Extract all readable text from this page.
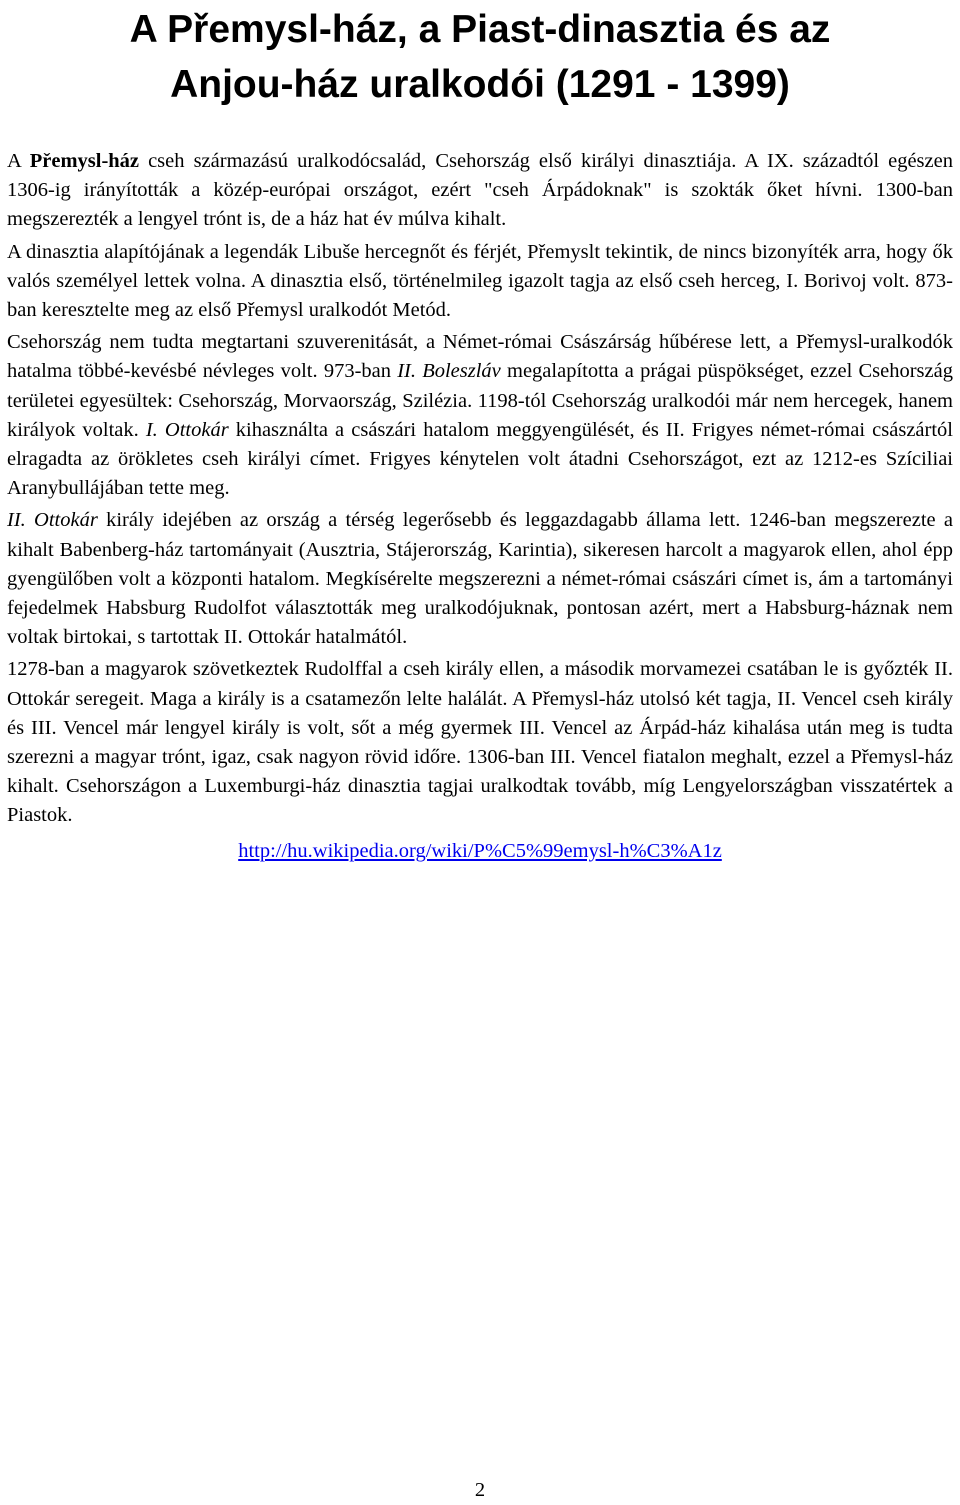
A Přemysl-ház, a Piast-dinasztia és az
Anjou-ház uralkodói (1291 - 1399)

A Přemysl-ház cseh származású uralkodócsalád, Csehország első királyi dinasztiája. A IX. századtól egészen 1306-ig irányították a közép-európai országot, ezért "cseh Árpádoknak" is szokták őket hívni. 1300-ban megszerezték a lengyel trónt is, de a ház hat év múlva kihalt.

A dinasztia alapítójának a legendák Libuše hercegnőt és férjét, Přemyslt tekintik, de nincs bizonyíték arra, hogy ők valós személyel lettek volna. A dinasztia első, történelmileg igazolt tagja az első cseh herceg, I. Borivoj volt. 873-ban keresztelte meg az első Přemysl uralkodót Metód.

Csehország nem tudta megtartani szuverenitását, a Német-római Császárság hűbérese lett, a Přemysl-uralkodók hatalma többé-kevésbé névleges volt. 973-ban II. Boleszláv megalapította a prágai püspökséget, ezzel Csehország területei egyesültek: Csehország, Morvaország, Szilézia. 1198-tól Csehország uralkodói már nem hercegek, hanem királyok voltak. I. Ottokár kihasználta a császári hatalom meggyengülését, és II. Frigyes német-római császártól elragadta az örökletes cseh királyi címet. Frigyes kénytelen volt átadni Csehországot, ezt az 1212-es Szíciliai Aranybullájában tette meg.

II. Ottokár király idejében az ország a térség legerősebb és leggazdagabb állama lett. 1246-ban megszerezte a kihalt Babenberg-ház tartományait (Ausztria, Stájerország, Karintia), sikeresen harcolt a magyarok ellen, ahol épp gyengülőben volt a központi hatalom. Megkísérelte megszerezni a német-római császári címet is, ám a tartományi fejedelmek Habsburg Rudolfot választották meg uralkodójuknak, pontosan azért, mert a Habsburg-háznak nem voltak birtokai, s tartottak II. Ottokár hatalmától.

1278-ban a magyarok szövetkeztek Rudolffal a cseh király ellen, a második morvamezei csatában le is győzték II. Ottokár seregeit. Maga a király is a csatamezőn lelte halálát. A Přemysl-ház utolsó két tagja, II. Vencel cseh király és III. Vencel már lengyel király is volt, sőt a még gyermek III. Vencel az Árpád-ház kihalása után meg is tudta szerezni a magyar trónt, igaz, csak nagyon rövid időre. 1306-ban III. Vencel fiatalon meghalt, ezzel a Přemysl-ház kihalt. Csehországon a Luxemburgi-ház dinasztia tagjai uralkodtak tovább, míg Lengyelországban visszatértek a Piastok.

http://hu.wikipedia.org/wiki/P%C5%99emysl-h%C3%A1z
2
